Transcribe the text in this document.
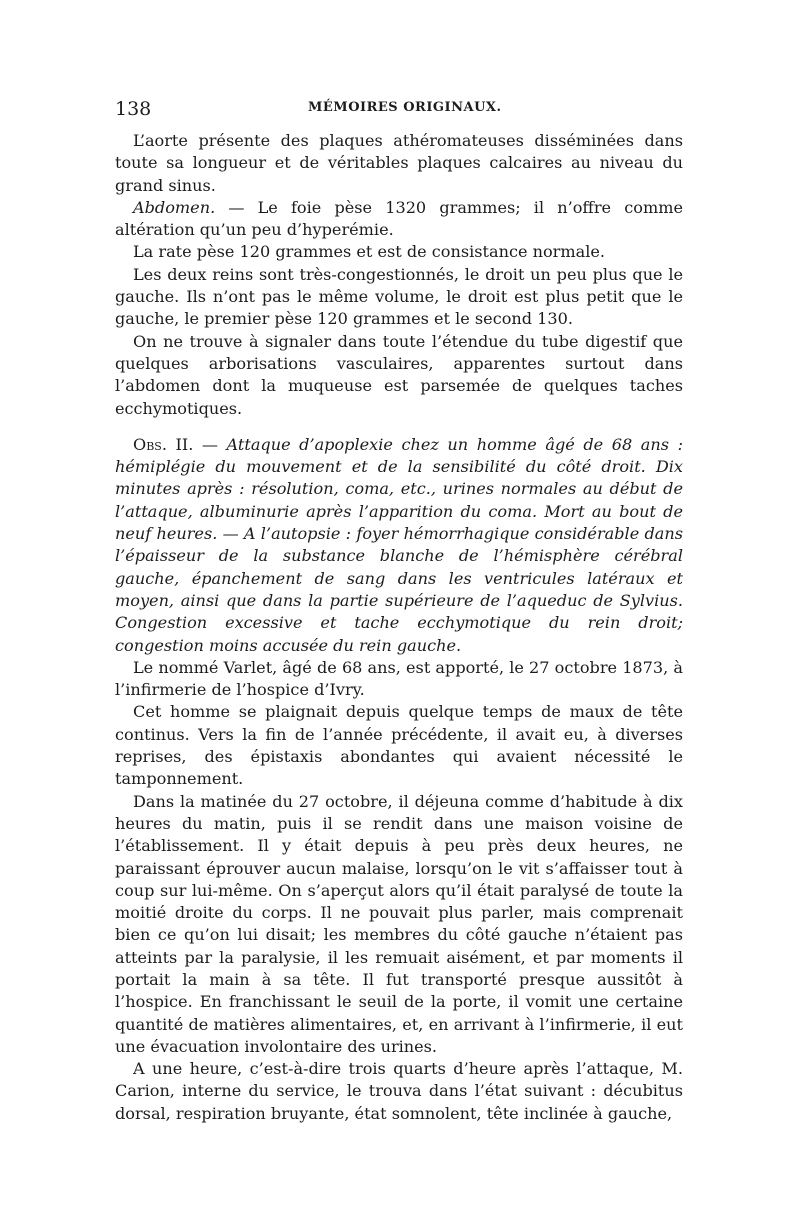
138	MÉMOIRES ORIGINAUX.

L’aorte présente des plaques athéromateuses disséminées dans toute sa longueur et de véritables plaques calcaires au niveau du grand sinus.

Abdomen. — Le foie pèse 1320 grammes; il n’offre comme altération qu’un peu d’hyperémie.

La rate pèse 120 grammes et est de consistance normale.

Les deux reins sont très-congestionnés, le droit un peu plus que le gauche. Ils n’ont pas le même volume, le droit est plus petit que le gauche, le premier pèse 120 grammes et le second 130.

On ne trouve à signaler dans toute l’étendue du tube digestif que quelques arborisations vasculaires, apparentes surtout dans l’abdomen dont la muqueuse est parsemée de quelques taches ecchymotiques.

Obs. II. — Attaque d’apoplexie chez un homme âgé de 68 ans : hémiplégie du mouvement et de la sensibilité du côté droit. Dix minutes après : résolution, coma, etc., urines normales au début de l’attaque, albuminurie après l’apparition du coma. Mort au bout de neuf heures. — A l’autopsie : foyer hémorrhagique considérable dans l’épaisseur de la substance blanche de l’hémisphère cérébral gauche, épanchement de sang dans les ventricules latéraux et moyen, ainsi que dans la partie supérieure de l’aqueduc de Sylvius. Congestion excessive et tache ecchymotique du rein droit; congestion moins accusée du rein gauche.

Le nommé Varlet, âgé de 68 ans, est apporté, le 27 octobre 1873, à l’infirmerie de l’hospice d’Ivry.

Cet homme se plaignait depuis quelque temps de maux de tête continus. Vers la fin de l’année précédente, il avait eu, à diverses reprises, des épistaxis abondantes qui avaient nécessité le tamponnement.

Dans la matinée du 27 octobre, il déjeuna comme d’habitude à dix heures du matin, puis il se rendit dans une maison voisine de l’établissement. Il y était depuis à peu près deux heures, ne paraissant éprouver aucun malaise, lorsqu’on le vit s’affaisser tout à coup sur lui-même. On s’aperçut alors qu’il était paralysé de toute la moitié droite du corps. Il ne pouvait plus parler, mais comprenait bien ce qu’on lui disait; les membres du côté gauche n’étaient pas atteints par la paralysie, il les remuait aisément, et par moments il portait la main à sa tête. Il fut transporté presque aussitôt à l’hospice. En franchissant le seuil de la porte, il vomit une certaine quantité de matières alimentaires, et, en arrivant à l’infirmerie, il eut une évacuation involontaire des urines.

A une heure, c’est-à-dire trois quarts d’heure après l’attaque, M. Carion, interne du service, le trouva dans l’état suivant : décubitus dorsal, respiration bruyante, état somnolent, tête inclinée à gauche,
